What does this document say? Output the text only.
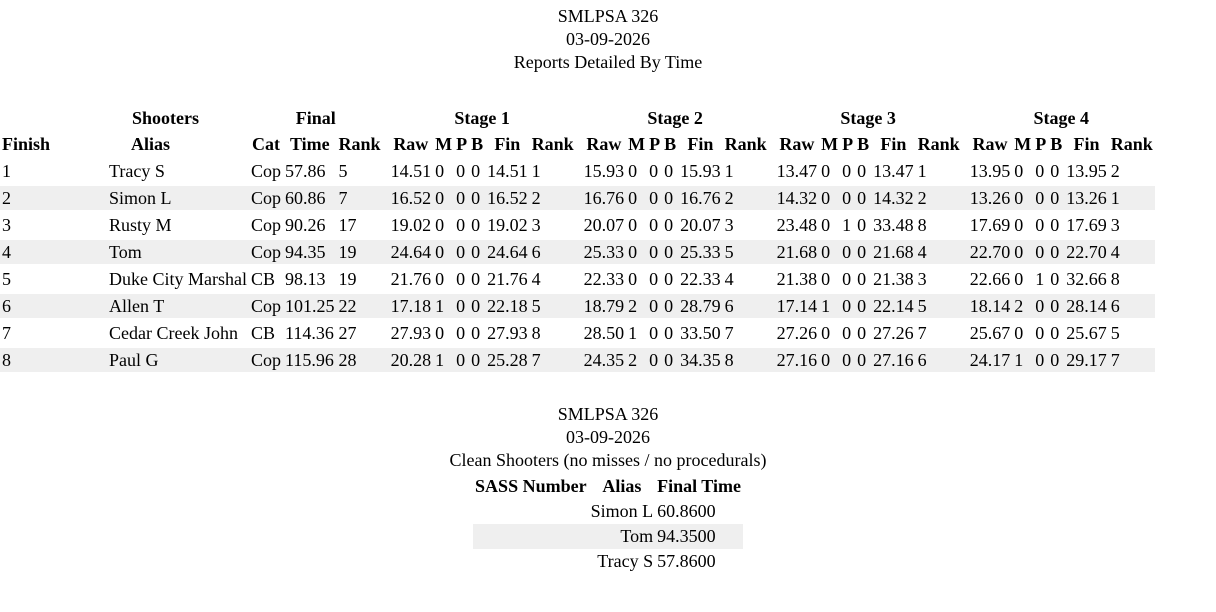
SMLPSA 326
03-09-2026
Reports Detailed By Time
Shooters		Final				Stage 1							Stage 2							Stage 3							Stage 4					
Finish	Alias	Cat	Time	Rank		Raw	M	P	B	Fin	Rank		Raw	M	P	B	Fin	Rank		Raw	M	P	B	Fin	Rank		Raw	M	P	B	Fin	Rank
1	Tracy S	Cop	57.86	5		14.51	0	0	0	14.51	1		15.93	0	0	0	15.93	1		13.47	0	0	0	13.47	1		13.95	0	0	0	13.95	2
2	Simon L	Cop	60.86	7		16.52	0	0	0	16.52	2		16.76	0	0	0	16.76	2		14.32	0	0	0	14.32	2		13.26	0	0	0	13.26	1
3	Rusty M	Cop	90.26	17		19.02	0	0	0	19.02	3		20.07	0	0	0	20.07	3		23.48	0	1	0	33.48	8		17.69	0	0	0	17.69	3
4	Tom	Cop	94.35	19		24.64	0	0	0	24.64	6		25.33	0	0	0	25.33	5		21.68	0	0	0	21.68	4		22.70	0	0	0	22.70	4
5	Duke City Marshal	CB	98.13	19		21.76	0	0	0	21.76	4		22.33	0	0	0	22.33	4		21.38	0	0	0	21.38	3		22.66	0	1	0	32.66	8
6	Allen T	Cop	101.25	22		17.18	1	0	0	22.18	5		18.79	2	0	0	28.79	6		17.14	1	0	0	22.14	5		18.14	2	0	0	28.14	6
7	Cedar Creek John	CB	114.36	27		27.93	0	0	0	27.93	8		28.50	1	0	0	33.50	7		27.26	0	0	0	27.26	7		25.67	0	0	0	25.67	5
8	Paul G	Cop	115.96	28		20.28	1	0	0	25.28	7		24.35	2	0	0	34.35	8		27.16	0	0	0	27.16	6		24.17	1	0	0	29.17	7
SMLPSA 326
03-09-2026
Clean Shooters (no misses / no procedurals)
SASS Number	Alias	Final Time
	Simon L	60.8600
	Tom	94.3500
	Tracy S	57.8600
